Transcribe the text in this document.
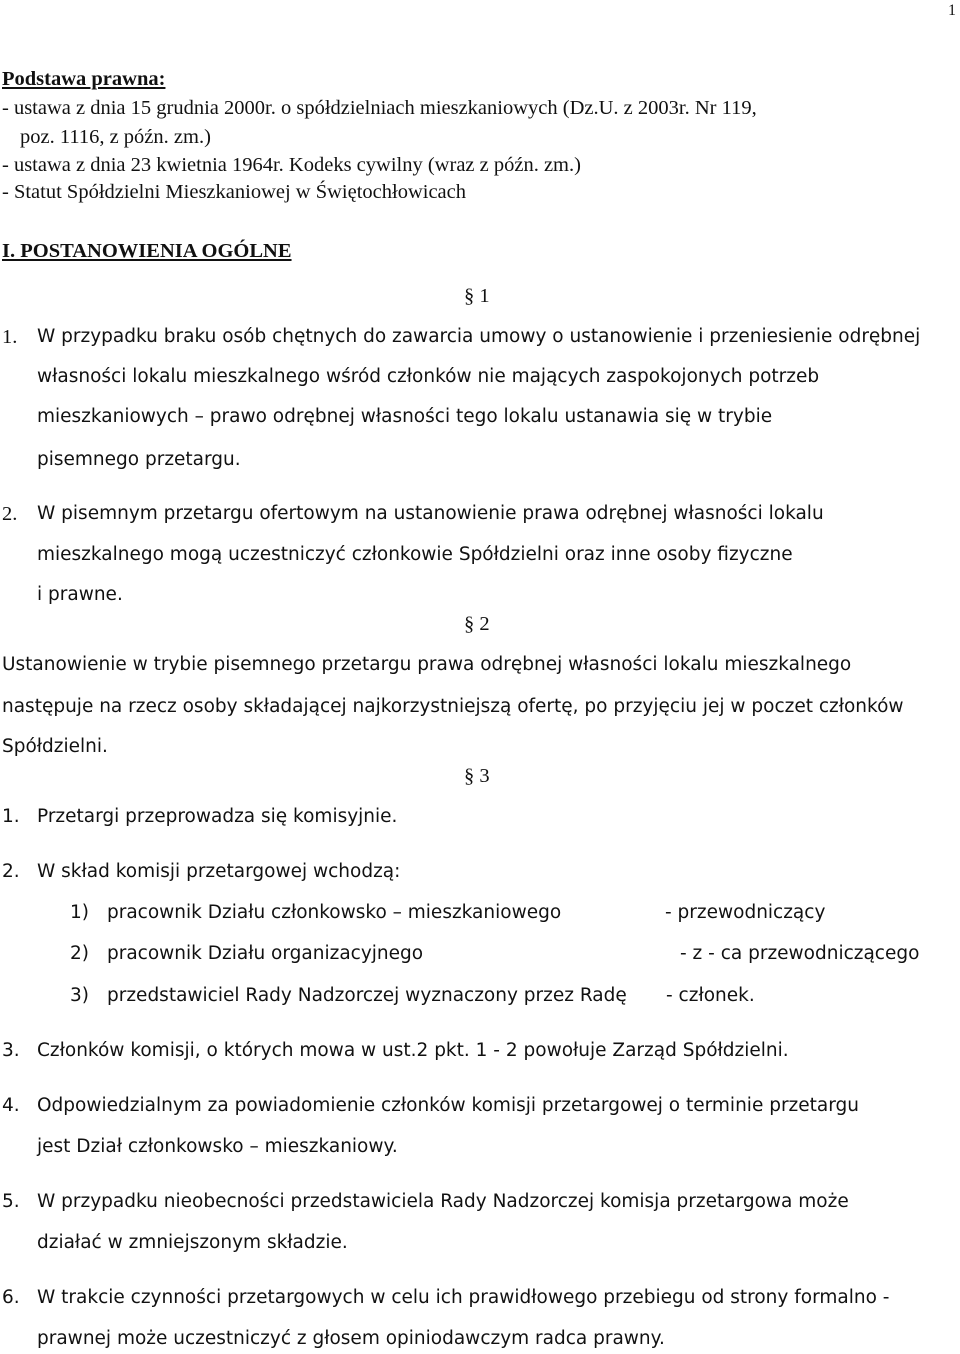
1
Podstawa prawna:
- ustawa z dnia 15 grudnia 2000r. o spółdzielniach mieszkaniowych (Dz.U. z 2003r. Nr 119,
poz. 1116, z późn. zm.)
- ustawa z dnia 23 kwietnia 1964r. Kodeks cywilny (wraz z późn. zm.)
- Statut Spółdzielni Mieszkaniowej w Świętochłowicach
I. POSTANOWIENIA OGÓLNE
§ 1
1. W przypadku braku osób chętnych do zawarcia umowy o ustanowienie i przeniesienie odrębnej
własności lokalu mieszkalnego wśród członków nie mających zaspokojonych potrzeb
mieszkaniowych – prawo odrębnej własności tego lokalu ustanawia się w trybie
pisemnego przetargu.
2. W pisemnym przetargu ofertowym na ustanowienie prawa odrębnej własności lokalu
mieszkalnego mogą uczestniczyć członkowie Spółdzielni oraz inne osoby fizyczne
i prawne.
§ 2
Ustanowienie w trybie pisemnego przetargu prawa odrębnej własności lokalu mieszkalnego
następuje na rzecz osoby składającej najkorzystniejszą ofertę, po przyjęciu jej w poczet członków
Spółdzielni.
§ 3
1. Przetargi przeprowadza się komisyjnie.
2. W skład komisji przetargowej wchodzą:
1) pracownik Działu członkowsko – mieszkaniowego	- przewodniczący
2) pracownik Działu organizacyjnego	- z - ca przewodniczącego
3) przedstawiciel Rady Nadzorczej wyznaczony przez Radę - członek.
3. Członków komisji, o których mowa w ust.2 pkt. 1 - 2 powołuje Zarząd Spółdzielni.
4. Odpowiedzialnym za powiadomienie członków komisji przetargowej o terminie przetargu
jest Dział członkowsko – mieszkaniowy.
5. W przypadku nieobecności przedstawiciela Rady Nadzorczej komisja przetargowa może
działać w zmniejszonym składzie.
6. W trakcie czynności przetargowych w celu ich prawidłowego przebiegu od strony formalno -
prawnej może uczestniczyć z głosem opiniodawczym radca prawny.
